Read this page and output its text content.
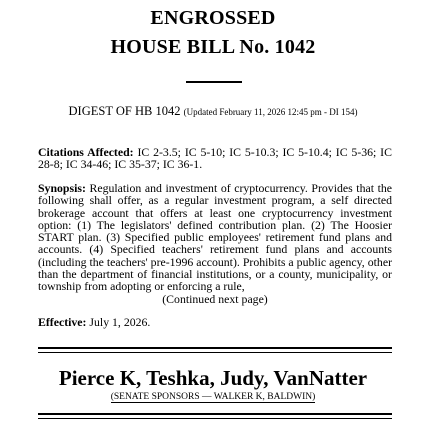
ENGROSSED
HOUSE BILL No. 1042
DIGEST OF HB 1042 (Updated February 11, 2026 12:45 pm - DI 154)
Citations Affected: IC 2-3.5; IC 5-10; IC 5-10.3; IC 5-10.4; IC 5-36; IC 28-8; IC 34-46; IC 35-37; IC 36-1.
Synopsis: Regulation and investment of cryptocurrency. Provides that the following shall offer, as a regular investment program, a self directed brokerage account that offers at least one cryptocurrency investment option: (1) The legislators' defined contribution plan. (2) The Hoosier START plan. (3) Specified public employees' retirement fund plans and accounts. (4) Specified teachers' retirement fund plans and accounts (including the teachers' pre-1996 account). Prohibits a public agency, other than the department of financial institutions, or a county, municipality, or township from adopting or enforcing a rule,
(Continued next page)
Effective: July 1, 2026.
Pierce K, Teshka, Judy, VanNatter
(SENATE SPONSORS — WALKER K, BALDWIN)
